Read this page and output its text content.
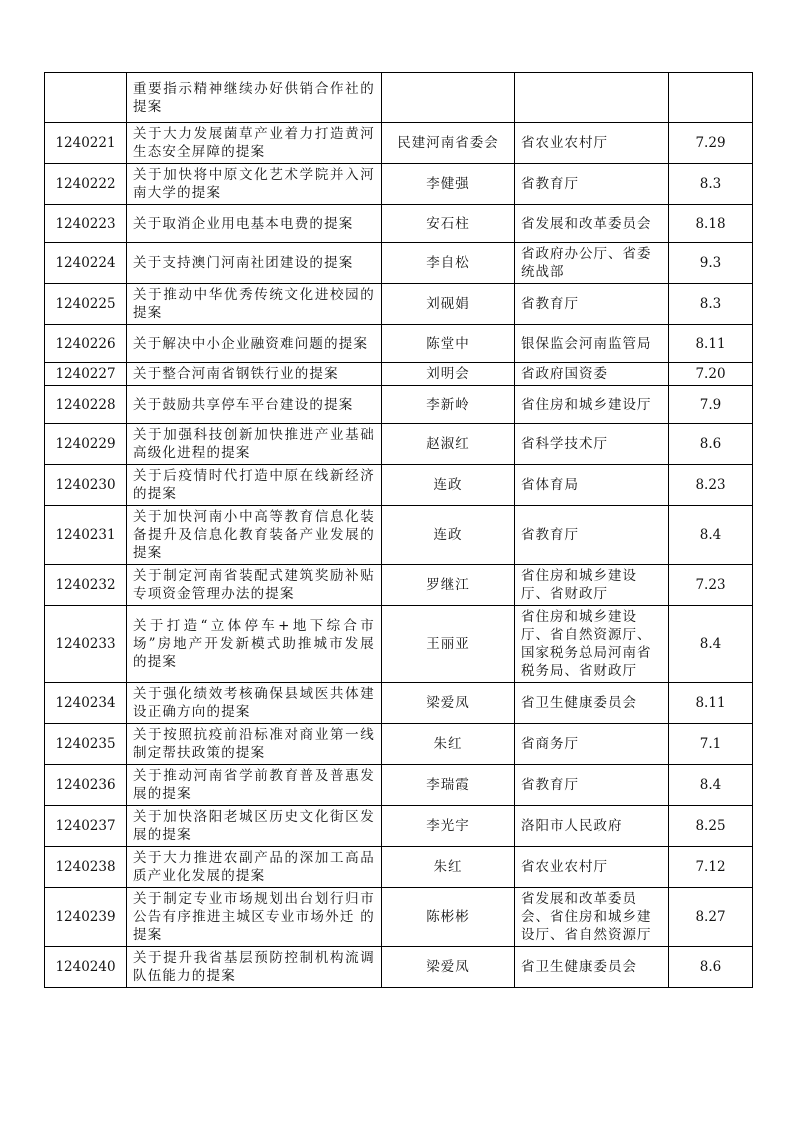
	重要指示精神继续办好供销合作社的提案			
1240221	关于大力发展菌草产业着力打造黄河生态安全屏障的提案	民建河南省委会	省农业农村厅	7.29
1240222	关于加快将中原文化艺术学院并入河南大学的提案	李健强	省教育厅	8.3
1240223	关于取消企业用电基本电费的提案	安石柱	省发展和改革委员会	8.18
1240224	关于支持澳门河南社团建设的提案	李自松	省政府办公厅、省委统战部	9.3
1240225	关于推动中华优秀传统文化进校园的提案	刘砚娟	省教育厅	8.3
1240226	关于解决中小企业融资难问题的提案	陈堂中	银保监会河南监管局	8.11
1240227	关于整合河南省钢铁行业的提案	刘明会	省政府国资委	7.20
1240228	关于鼓励共享停车平台建设的提案	李新岭	省住房和城乡建设厅	7.9
1240229	关于加强科技创新加快推进产业基础高级化进程的提案	赵淑红	省科学技术厅	8.6
1240230	关于后疫情时代打造中原在线新经济的提案	连政	省体育局	8.23
1240231	关于加快河南小中高等教育信息化装备提升及信息化教育装备产业发展的提案	连政	省教育厅	8.4
1240232	关于制定河南省装配式建筑奖励补贴专项资金管理办法的提案	罗继江	省住房和城乡建设厅、省财政厅	7.23
1240233	关于打造“立体停车+地下综合市场”房地产开发新模式助推城市发展的提案	王丽亚	省住房和城乡建设厅、省自然资源厅、国家税务总局河南省税务局、省财政厅	8.4
1240234	关于强化绩效考核确保县域医共体建设正确方向的提案	梁爱凤	省卫生健康委员会	8.11
1240235	关于按照抗疫前沿标准对商业第一线制定帮扶政策的提案	朱红	省商务厅	7.1
1240236	关于推动河南省学前教育普及普惠发展的提案	李瑞霞	省教育厅	8.4
1240237	关于加快洛阳老城区历史文化街区发展的提案	李光宇	洛阳市人民政府	8.25
1240238	关于大力推进农副产品的深加工高品质产业化发展的提案	朱红	省农业农村厅	7.12
1240239	关于制定专业市场规划出台划行归市公告有序推进主城区专业市场外迁 的提案	陈彬彬	省发展和改革委员会、省住房和城乡建设厅、省自然资源厅	8.27
1240240	关于提升我省基层预防控制机构流调队伍能力的提案	梁爱凤	省卫生健康委员会	8.6
